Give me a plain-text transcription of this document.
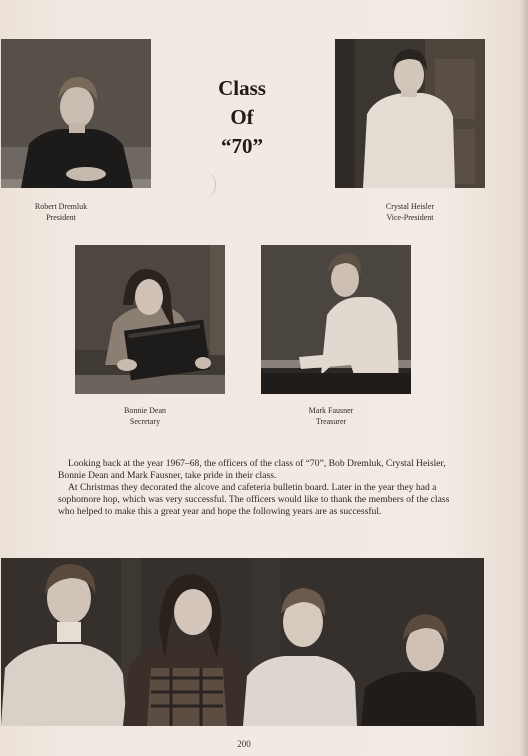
Robert Dremluk
President
Class
Of
“70”
Crystal Heisler
Vice-President
Bonnie Dean
Secretary
Mark Fausner
Treasurer

Looking back at the year 1967–68, the officers of the class of “70”, Bob Dremluk, Crystal Heisler, Bonnie Dean and Mark Fausner, take pride in their class.

At Christmas they decorated the alcove and cafeteria bulletin board. Later in the year they had a sophomore hop, which was very successful. The officers would like to thank the members of the class who helped to make this a great year and hope the following years are as successful.

200
